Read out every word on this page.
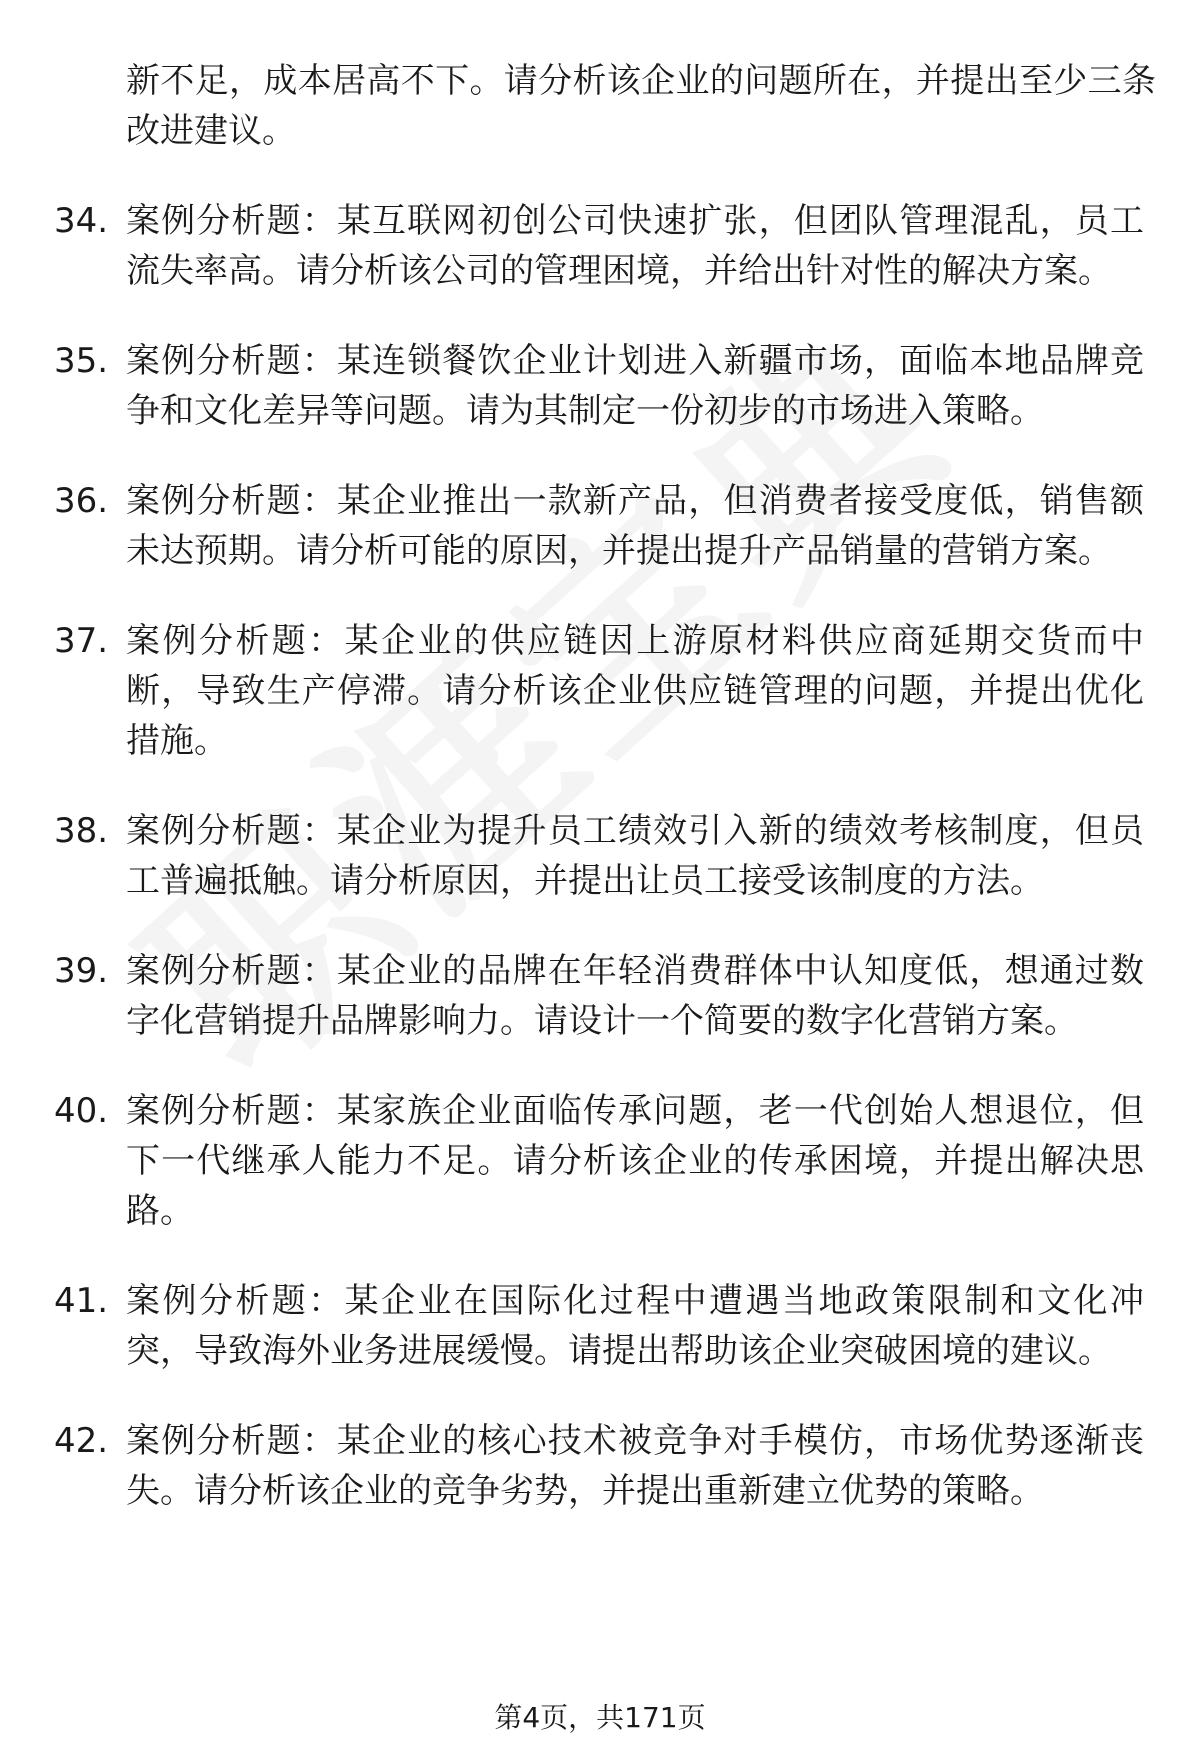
新不足，成本居高不下。请分析该企业的问题所在，并提出至少三条改进建议。
34. 案例分析题：某互联网初创公司快速扩张，但团队管理混乱，员工流失率高。请分析该公司的管理困境，并给出针对性的解决方案。
35. 案例分析题：某连锁餐饮企业计划进入新疆市场，面临本地品牌竞争和文化差异等问题。请为其制定一份初步的市场进入策略。
36. 案例分析题：某企业推出一款新产品，但消费者接受度低，销售额未达预期。请分析可能的原因，并提出提升产品销量的营销方案。
37. 案例分析题：某企业的供应链因上游原材料供应商延期交货而中断，导致生产停滞。请分析该企业供应链管理的问题，并提出优化措施。
38. 案例分析题：某企业为提升员工绩效引入新的绩效考核制度，但员工普遍抵触。请分析原因，并提出让员工接受该制度的方法。
39. 案例分析题：某企业的品牌在年轻消费群体中认知度低，想通过数字化营销提升品牌影响力。请设计一个简要的数字化营销方案。
40. 案例分析题：某家族企业面临传承问题，老一代创始人想退位，但下一代继承人能力不足。请分析该企业的传承困境，并提出解决思路。
41. 案例分析题：某企业在国际化过程中遭遇当地政策限制和文化冲突，导致海外业务进展缓慢。请提出帮助该企业突破困境的建议。
42. 案例分析题：某企业的核心技术被竞争对手模仿，市场优势逐渐丧失。请分析该企业的竞争劣势，并提出重新建立优势的策略。
第4页，共171页
